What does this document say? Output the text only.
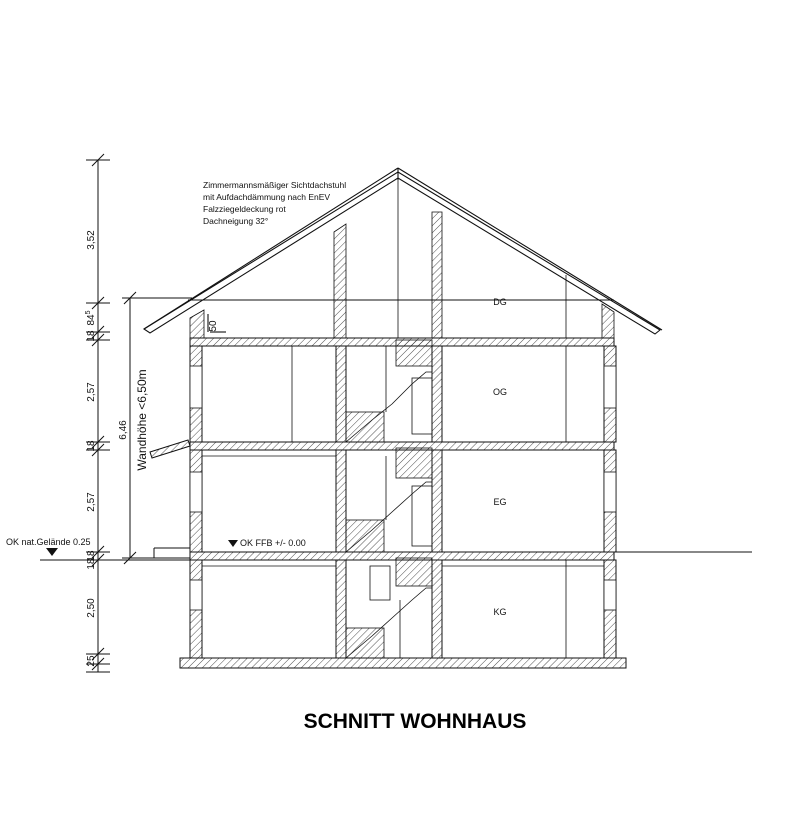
3,52
$84^5$
2,57
2,57
2,50
18
18
18
18
25
6,46 Wandhöhe <6,50m
50
Zimmermannsmäßiger Sichtdachstuhl
mit Aufdachdämmung nach EnEV
Falzziegeldeckung rot
Dachneigung 32°
DG
OG
EG
KG
OK nat.Gelände 0.25	OK FFB +/- 0.00
SCHNITT WOHNHAUS
